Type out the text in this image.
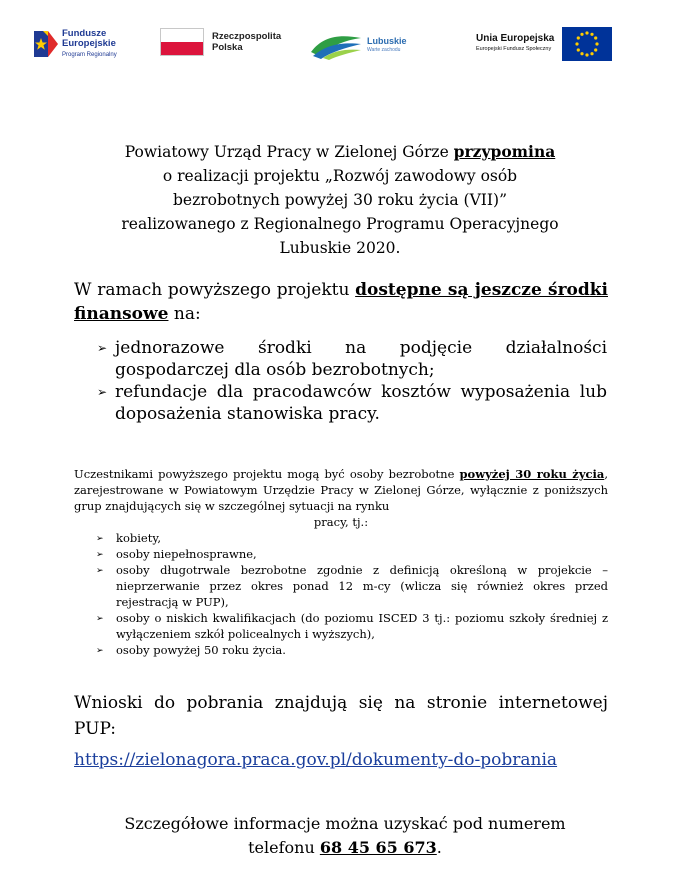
Fundusze
Europejskie
Program Regionalny
Rzeczpospolita
Polska
Lubuskie
Warte zachodu
Unia Europejska
Europejski Fundusz Społeczny
Powiatowy Urząd Pracy w Zielonej Górze przypomina
o realizacji projektu „Rozwój zawodowy osób
bezrobotnych powyżej 30 roku życia (VII)”
realizowanego z Regionalnego Programu Operacyjnego
Lubuskie 2020.
W ramach powyższego projektu dostępne są jeszcze środki finansowe na:
➢ jednorazowe środki na podjęcie działalności gospodarczej dla osób bezrobotnych;
➢ refundacje dla pracodawców kosztów wyposażenia lub doposażenia stanowiska pracy.
Uczestnikami powyższego projektu mogą być osoby bezrobotne powyżej 30 roku życia, zarejestrowane w Powiatowym Urzędzie Pracy w Zielonej Górze, wyłącznie z poniższych grup znajdujących się w szczególnej sytuacji na rynku
pracy, tj.:
➢ kobiety,
➢ osoby niepełnosprawne,
➢ osoby długotrwale bezrobotne zgodnie z definicją określoną w projekcie – nieprzerwanie przez okres ponad 12 m-cy (wlicza się również okres przed rejestracją w PUP),
➢ osoby o niskich kwalifikacjach (do poziomu ISCED 3 tj.: poziomu szkoły średniej z wyłączeniem szkół policealnych i wyższych),
➢ osoby powyżej 50 roku życia.
Wnioski do pobrania znajdują się na stronie internetowej PUP:
https://zielonagora.praca.gov.pl/dokumenty-do-pobrania
Szczegółowe informacje można uzyskać pod numerem
telefonu 68 45 65 673.
